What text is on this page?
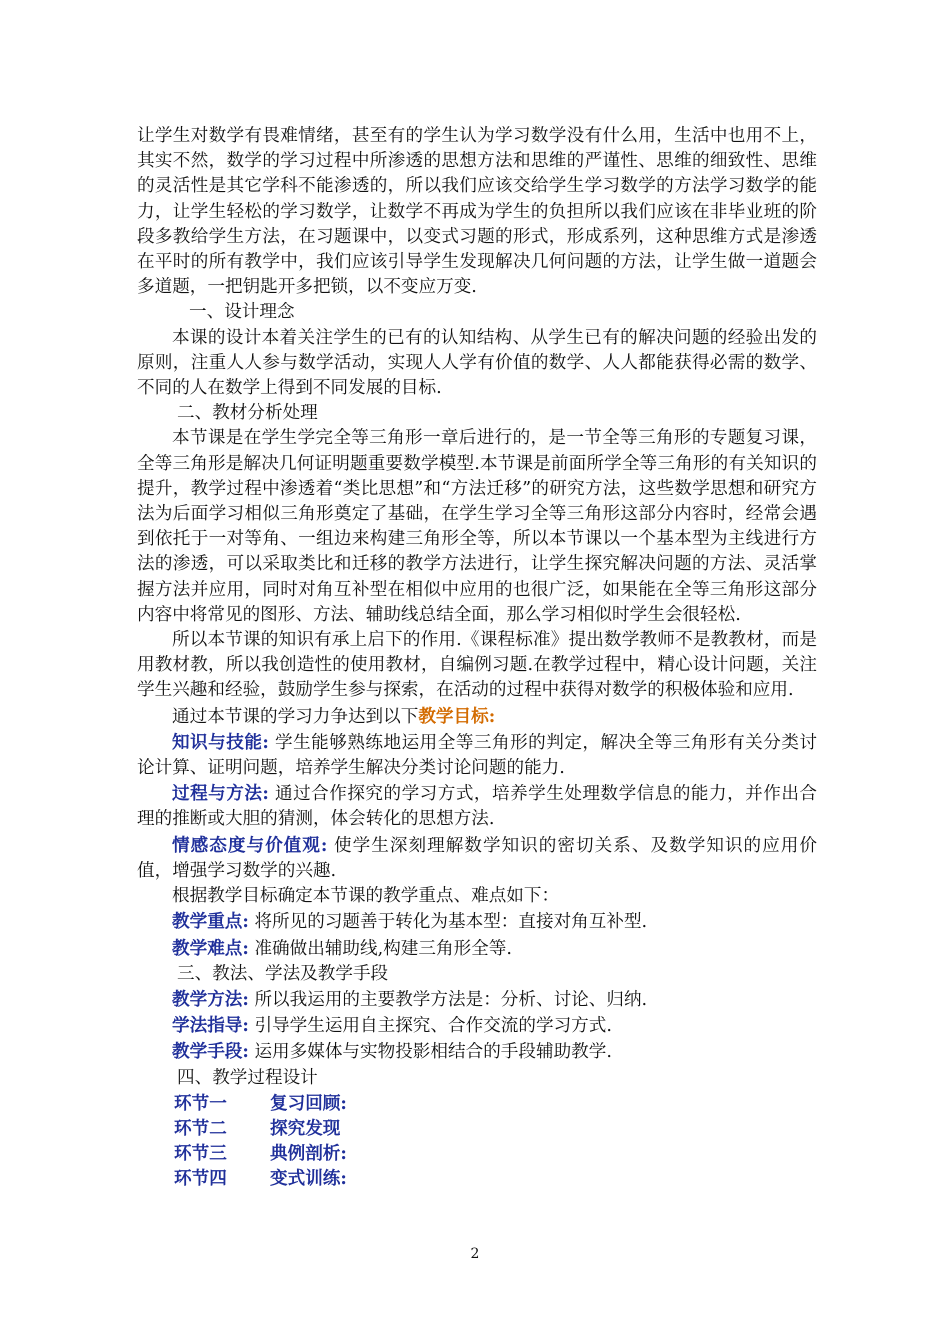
让学生对数学有畏难情绪，甚至有的学生认为学习数学没有什么用，生活中也用不上，其实不然，数学的学习过程中所渗透的思想方法和思维的严谨性、思维的细致性、思维的灵活性是其它学科不能渗透的，所以我们应该交给学生学习数学的方法学习数学的能力，让学生轻松的学习数学，让数学不再成为学生的负担所以我们应该在非毕业班的阶段多教给学生方法，在习题课中，以变式习题的形式，形成系列，这种思维方式是渗透在平时的所有教学中，我们应该引导学生发现解决几何问题的方法，让学生做一道题会多道题，一把钥匙开多把锁，以不变应万变.

一、设计理念

本课的设计本着关注学生的已有的认知结构、从学生已有的解决问题的经验出发的原则，注重人人参与数学活动，实现人人学有价值的数学、人人都能获得必需的数学、不同的人在数学上得到不同发展的目标.

二、教材分析处理

本节课是在学生学完全等三角形一章后进行的，是一节全等三角形的专题复习课，全等三角形是解决几何证明题重要数学模型.本节课是前面所学全等三角形的有关知识的提升，教学过程中渗透着“类比思想”和“方法迁移”的研究方法，这些数学思想和研究方法为后面学习相似三角形奠定了基础，在学生学习全等三角形这部分内容时，经常会遇到依托于一对等角、一组边来构建三角形全等，所以本节课以一个基本型为主线进行方法的渗透，可以采取类比和迁移的教学方法进行，让学生探究解决问题的方法、灵活掌握方法并应用，同时对角互补型在相似中应用的也很广泛，如果能在全等三角形这部分内容中将常见的图形、方法、辅助线总结全面，那么学习相似时学生会很轻松.

所以本节课的知识有承上启下的作用.《课程标准》提出数学教师不是教教材，而是用教材教，所以我创造性的使用教材，自编例习题.在教学过程中，精心设计问题，关注学生兴趣和经验，鼓励学生参与探索，在活动的过程中获得对数学的积极体验和应用.

通过本节课的学习力争达到以下教学目标:

知识与技能: 学生能够熟练地运用全等三角形的判定，解决全等三角形有关分类讨论计算、证明问题，培养学生解决分类讨论问题的能力.

过程与方法: 通过合作探究的学习方式，培养学生处理数学信息的能力，并作出合理的推断或大胆的猜测，体会转化的思想方法.

情感态度与价值观: 使学生深刻理解数学知识的密切关系、及数学知识的应用价值，增强学习数学的兴趣.

根据教学目标确定本节课的教学重点、难点如下：

教学重点: 将所见的习题善于转化为基本型：直接对角互补型.

教学难点: 准确做出辅助线,构建三角形全等.

三、教法、学法及教学手段

教学方法: 所以我运用的主要教学方法是：分析、讨论、归纳.

学法指导: 引导学生运用自主探究、合作交流的学习方式.

教学手段: 运用多媒体与实物投影相结合的手段辅助教学.

四、教学过程设计

环节一	复习回顾:
环节二	探究发现
环节三	典例剖析:
环节四	变式训练:
2
